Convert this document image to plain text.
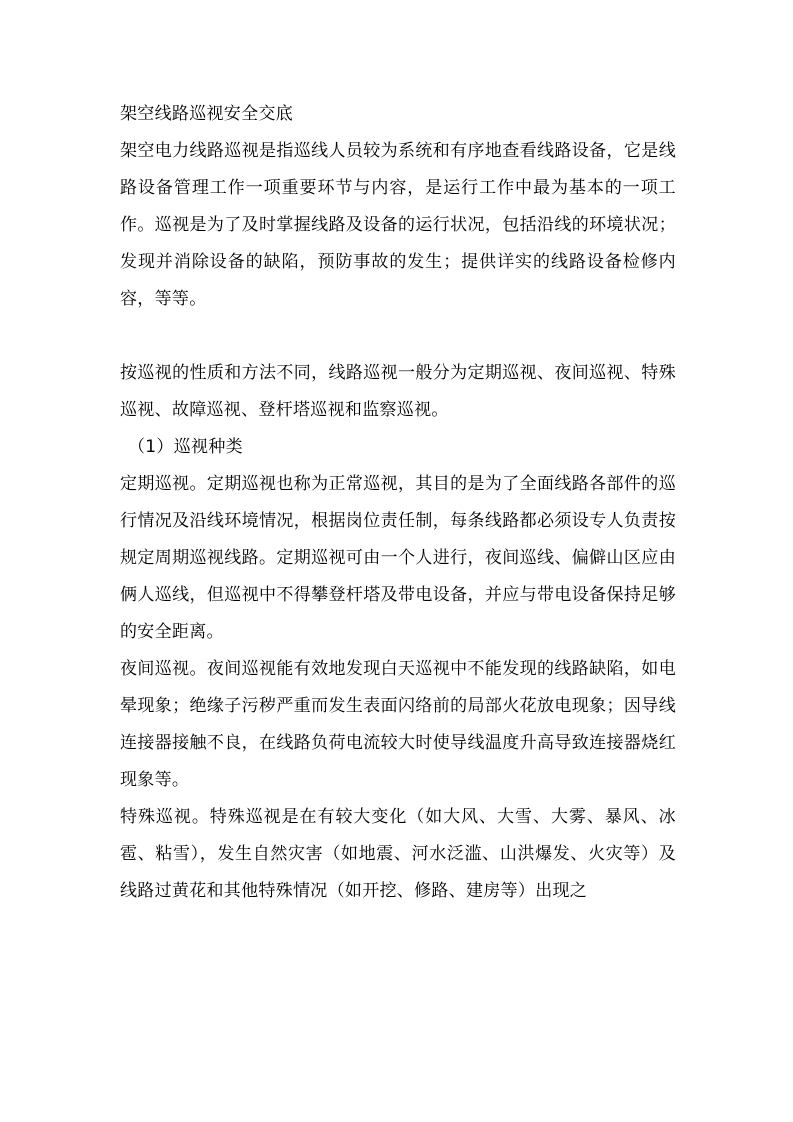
架空线路巡视安全交底

架空电力线路巡视是指巡线人员较为系统和有序地查看线路设备，它是线路设备管理工作一项重要环节与内容，是运行工作中最为基本的一项工作。巡视是为了及时掌握线路及设备的运行状况，包括沿线的环境状况；发现并消除设备的缺陷，预防事故的发生；提供详实的线路设备检修内容，等等。

按巡视的性质和方法不同，线路巡视一般分为定期巡视、夜间巡视、特殊巡视、故障巡视、登杆塔巡视和监察巡视。

（1）巡视种类

定期巡视。定期巡视也称为正常巡视，其目的是为了全面线路各部件的巡行情况及沿线环境情况，根据岗位责任制，每条线路都必须设专人负责按规定周期巡视线路。定期巡视可由一个人进行，夜间巡线、偏僻山区应由俩人巡线，但巡视中不得攀登杆塔及带电设备，并应与带电设备保持足够的安全距离。

夜间巡视。夜间巡视能有效地发现白天巡视中不能发现的线路缺陷，如电晕现象；绝缘子污秽严重而发生表面闪络前的局部火花放电现象；因导线连接器接触不良，在线路负荷电流较大时使导线温度升高导致连接器烧红现象等。

特殊巡视。特殊巡视是在有较大变化（如大风、大雪、大雾、暴风、冰雹、粘雪），发生自然灾害（如地震、河水泛滥、山洪爆发、火灾等）及线路过黄花和其他特殊情况（如开挖、修路、建房等）出现之
